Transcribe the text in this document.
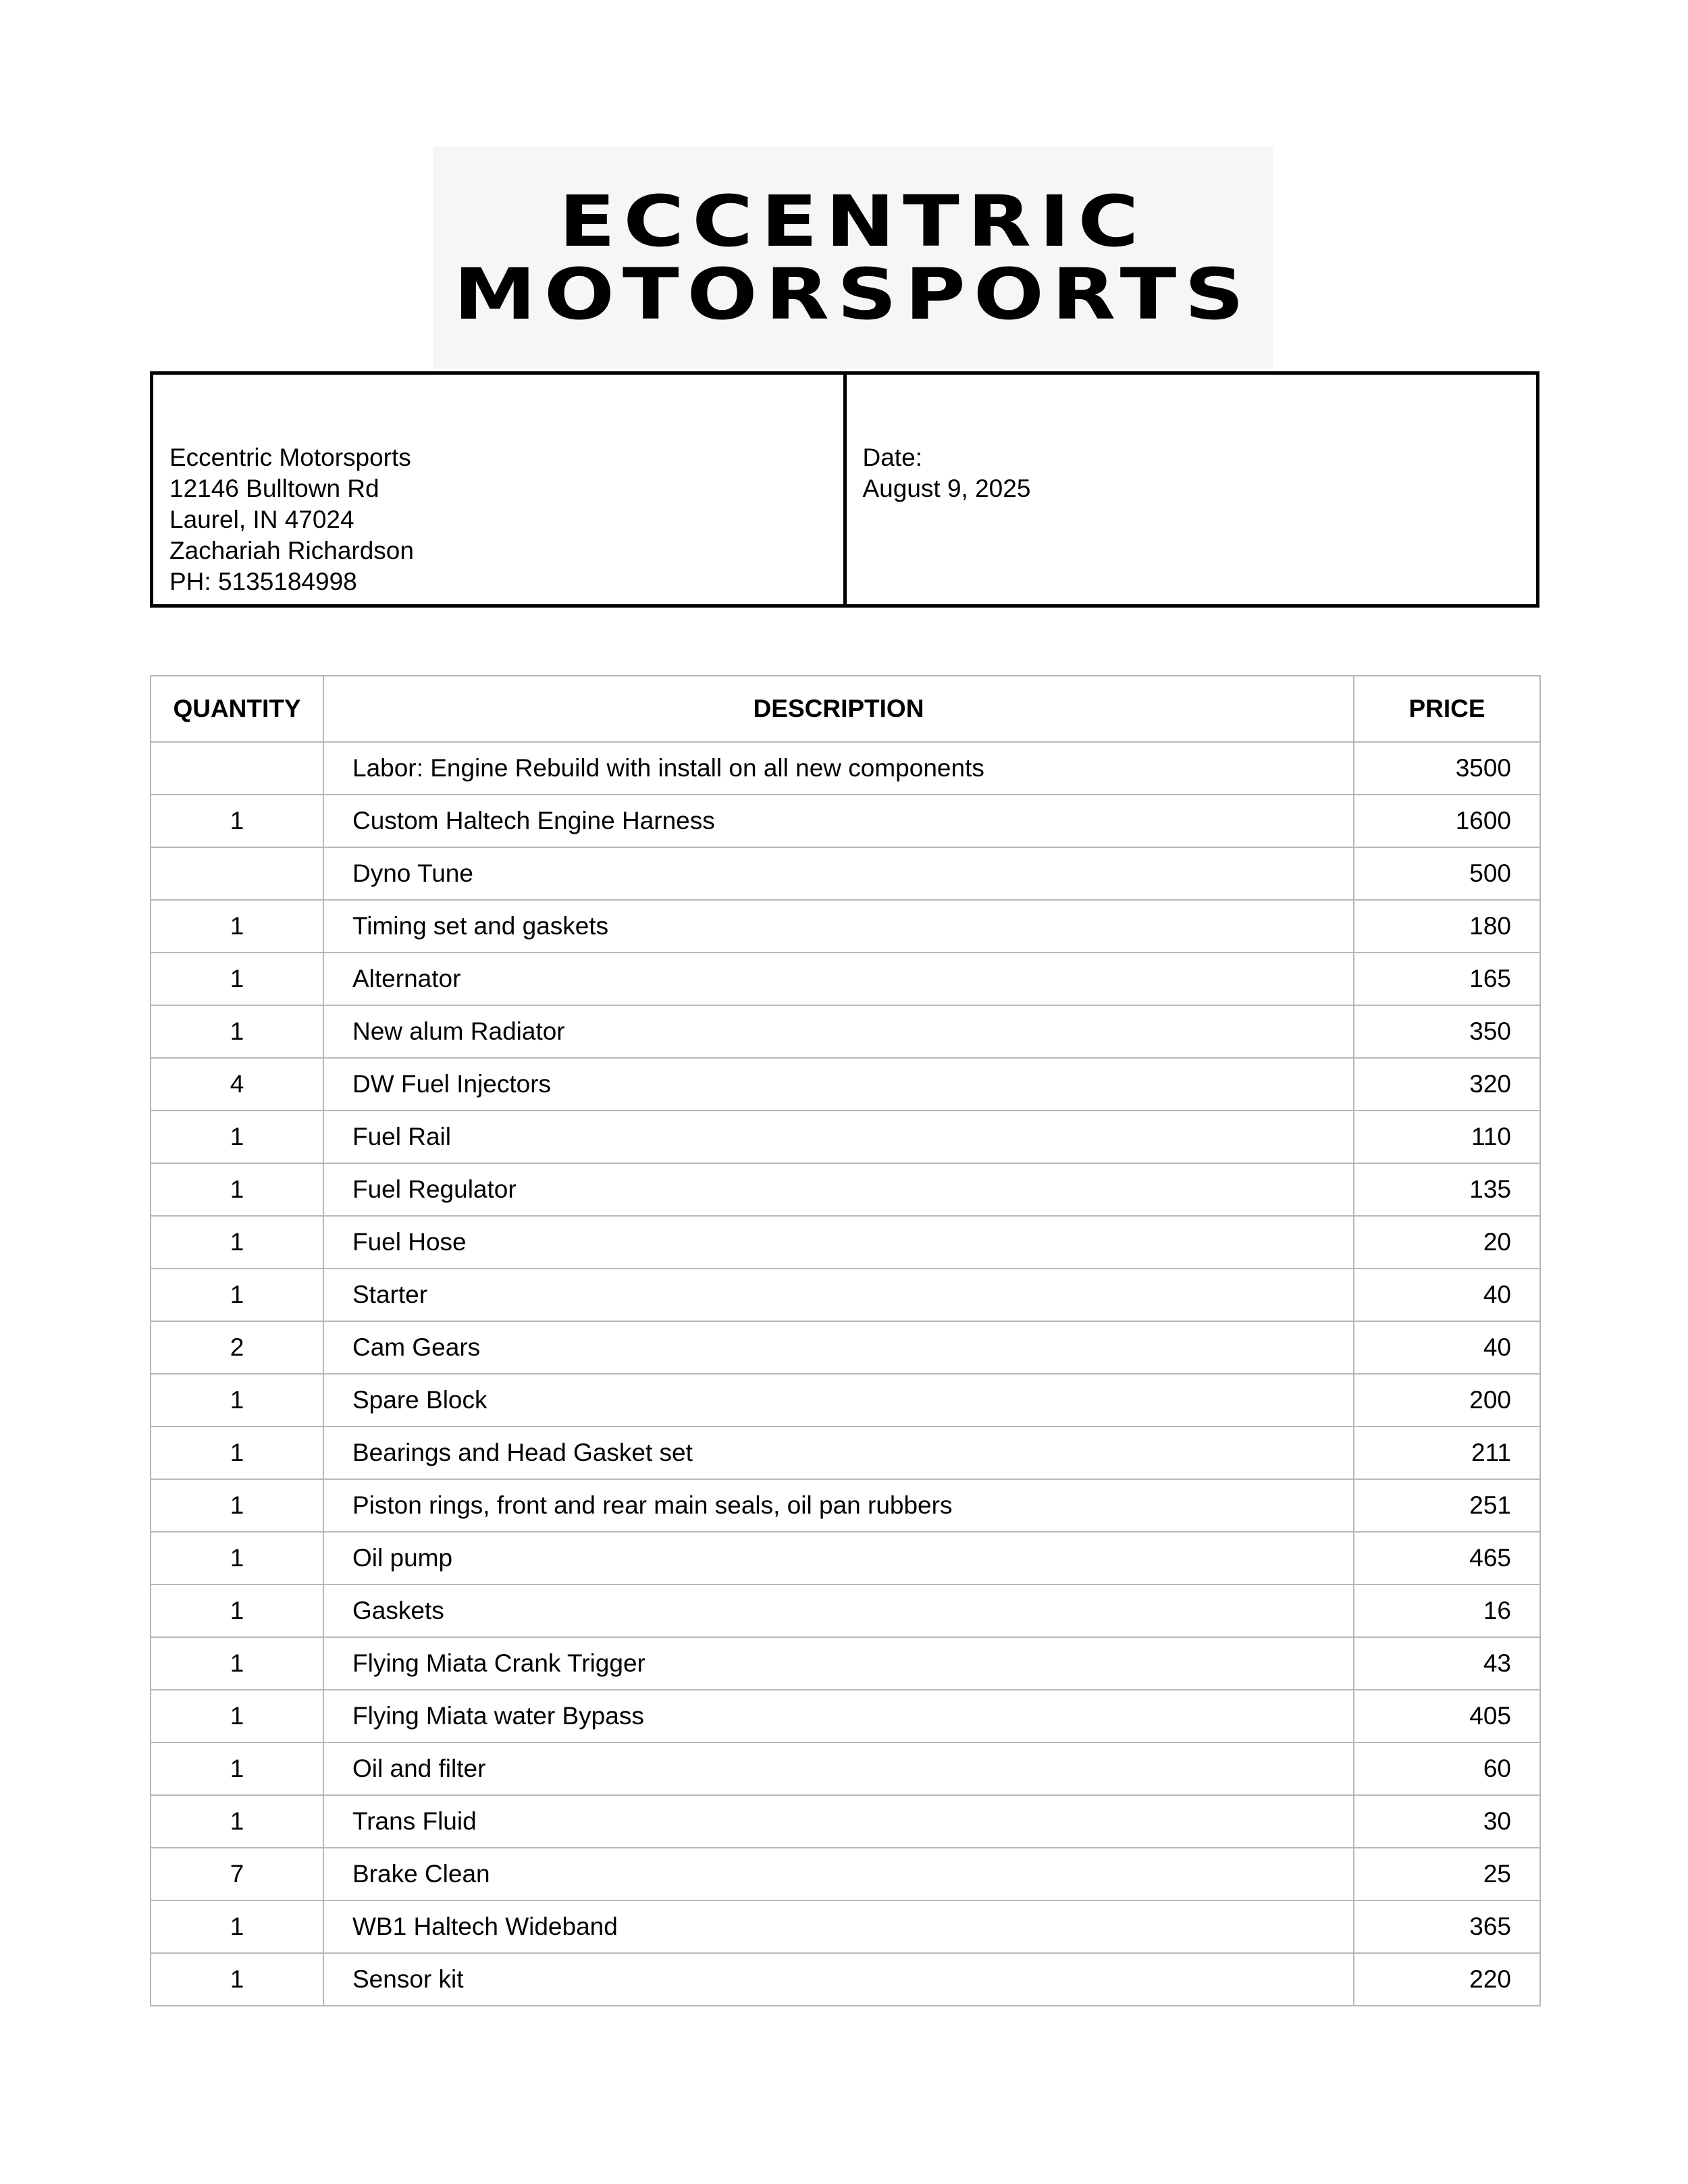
ECCENTRIC
MOTORSPORTS
Eccentric Motorsports
12146 Bulltown Rd
Laurel, IN 47024
Zachariah Richardson
PH: 5135184998
Date:
August 9, 2025
QUANTITY	DESCRIPTION	PRICE
	Labor: Engine Rebuild with install on all new components	3500
1	Custom Haltech Engine Harness	1600
	Dyno Tune	500
1	Timing set and gaskets	180
1	Alternator	165
1	New alum Radiator	350
4	DW Fuel Injectors	320
1	Fuel Rail	110
1	Fuel Regulator	135
1	Fuel Hose	20
1	Starter	40
2	Cam Gears	40
1	Spare Block	200
1	Bearings and Head Gasket set	211
1	Piston rings, front and rear main seals, oil pan rubbers	251
1	Oil pump	465
1	Gaskets	16
1	Flying Miata Crank Trigger	43
1	Flying Miata water Bypass	405
1	Oil and filter	60
1	Trans Fluid	30
7	Brake Clean	25
1	WB1 Haltech Wideband	365
1	Sensor kit	220
